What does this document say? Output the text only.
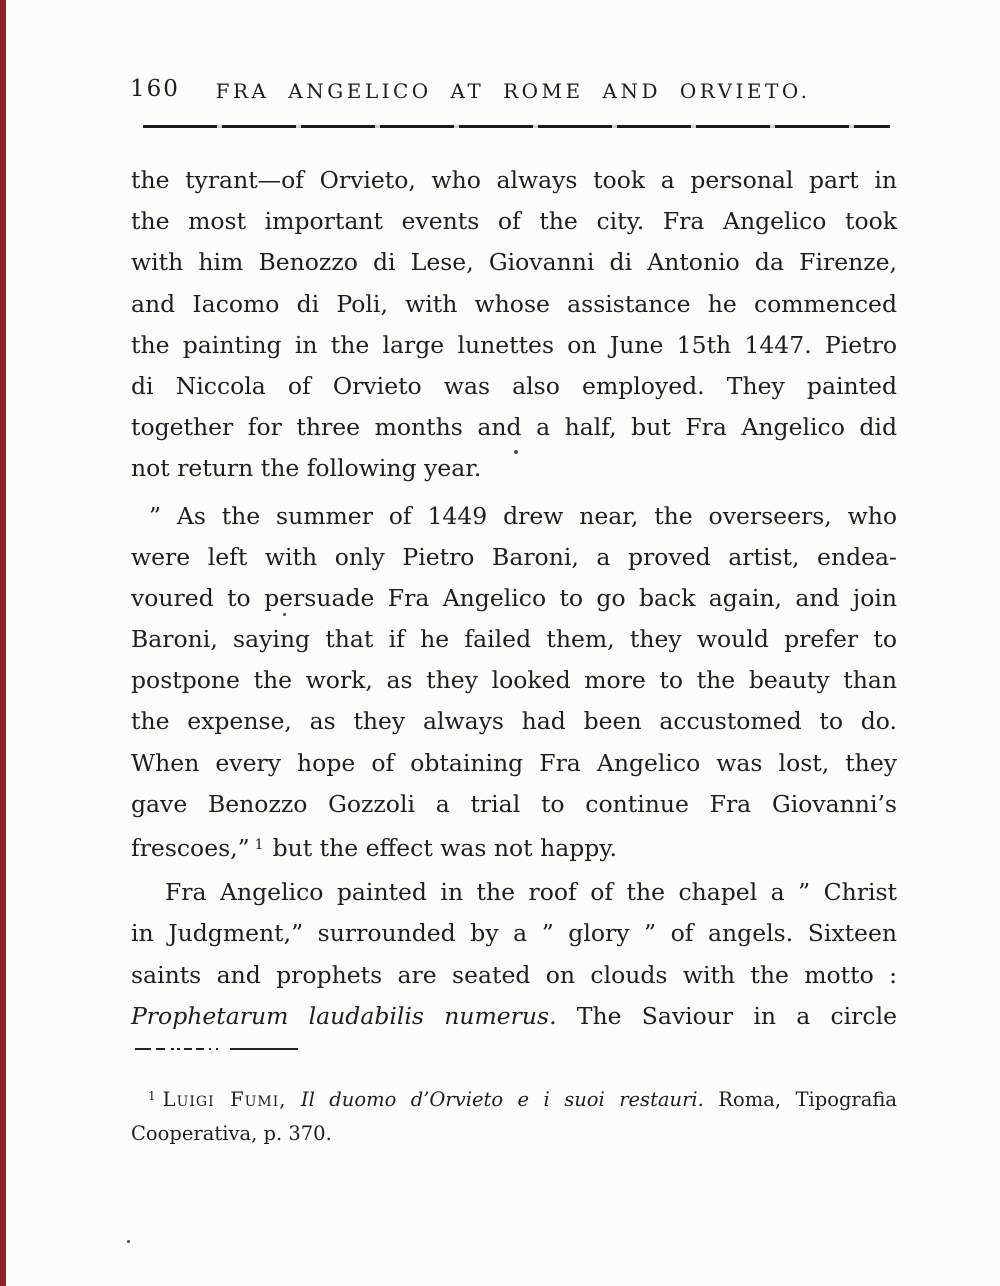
160	FRA ANGELICO AT ROME AND ORVIETO.
the tyrant—of Orvieto, who always took a personal part in
the most important events of the city. Fra Angelico took
with him Benozzo di Lese, Giovanni di Antonio da Firenze,
and Iacomo di Poli, with whose assistance he commenced
the painting in the large lunettes on June 15th 1447. Pietro
di Niccola of Orvieto was also employed. They painted
together for three months and a half, but Fra Angelico did
not return the following year.
” As the summer of 1449 drew near, the overseers, who
were left with only Pietro Baroni, a proved artist, endea-
voured to persuade Fra Angelico to go back again, and join
Baroni, saying that if he failed them, they would prefer to
postpone the work, as they looked more to the beauty than
the expense, as they always had been accustomed to do.
When every hope of obtaining Fra Angelico was lost, they
gave Benozzo Gozzoli a trial to continue Fra Giovanni’s
frescoes,” $^1$ but the effect was not happy.
Fra Angelico painted in the roof of the chapel a ” Christ
in Judgment,” surrounded by a ” glory ” of angels. Sixteen
saints and prophets are seated on clouds with the motto :
Prophetarum laudabilis numerus. The Saviour in a circle
$^1$ Luigi Fumi, Il duomo d’Orvieto e i suoi restauri. Roma, Tipografia
Cooperativa, p. 370.
